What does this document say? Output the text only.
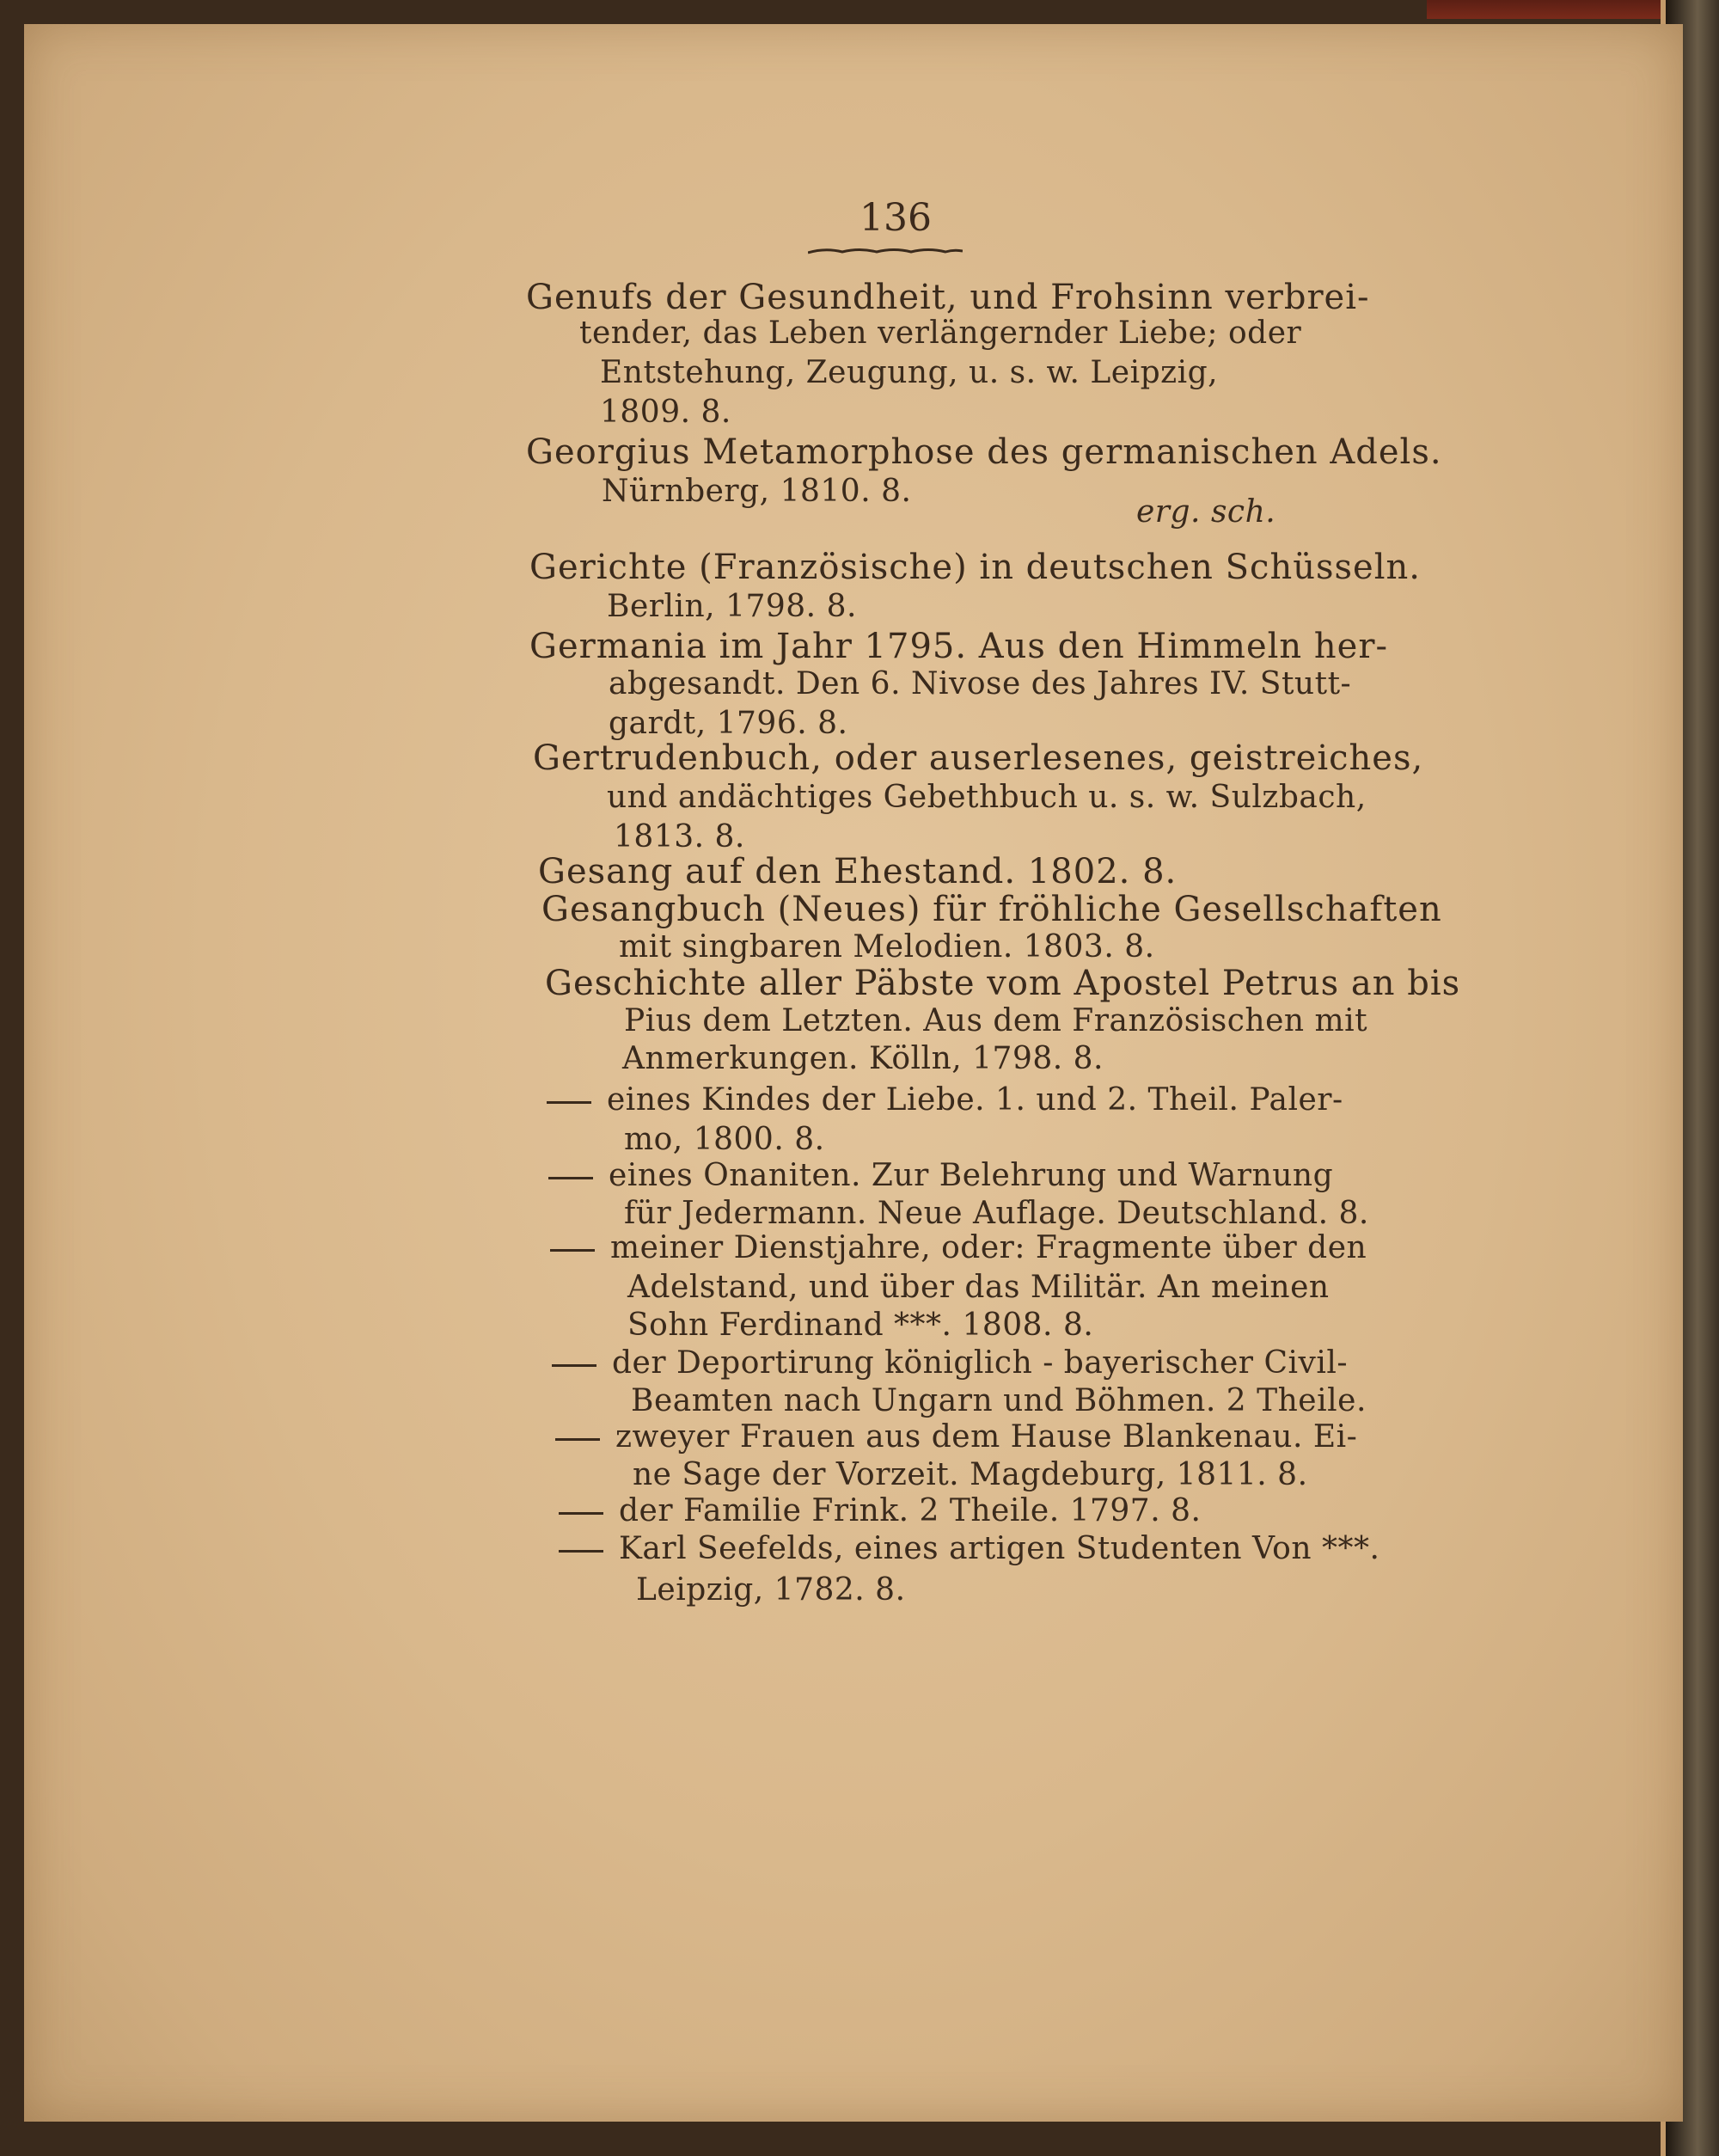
136
Genufs der Gesundheit, und Frohsinn verbrei-
tender, das Leben verlängernder Liebe; oder
Entstehung, Zeugung, u. s. w. Leipzig,
1809. 8.
Georgius Metamorphose des germanischen Adels.
Nürnberg, 1810. 8.
erg. sch.
Gerichte (Französische) in deutschen Schüsseln.
Berlin, 1798. 8.
Germania im Jahr 1795. Aus den Himmeln her-
abgesandt. Den 6. Nivose des Jahres IV. Stutt-
gardt, 1796. 8.
Gertrudenbuch, oder auserlesenes, geistreiches,
und andächtiges Gebethbuch u. s. w. Sulzbach,
1813. 8.
Gesang auf den Ehestand. 1802. 8.
Gesangbuch (Neues) für fröhliche Gesellschaften
mit singbaren Melodien. 1803. 8.
Geschichte aller Päbste vom Apostel Petrus an bis
Pius dem Letzten. Aus dem Französischen mit
Anmerkungen. Kölln, 1798. 8.
eines Kindes der Liebe. 1. und 2. Theil. Paler-
mo, 1800. 8.
eines Onaniten. Zur Belehrung und Warnung
für Jedermann. Neue Auflage. Deutschland. 8.
meiner Dienstjahre, oder: Fragmente über den
Adelstand, und über das Militär. An meinen
Sohn Ferdinand ***. 1808. 8.
der Deportirung königlich - bayerischer Civil-
Beamten nach Ungarn und Böhmen. 2 Theile.
zweyer Frauen aus dem Hause Blankenau. Ei-
ne Sage der Vorzeit. Magdeburg, 1811. 8.
der Familie Frink. 2 Theile. 1797. 8.
Karl Seefelds, eines artigen Studenten Von ***.
Leipzig, 1782. 8.
